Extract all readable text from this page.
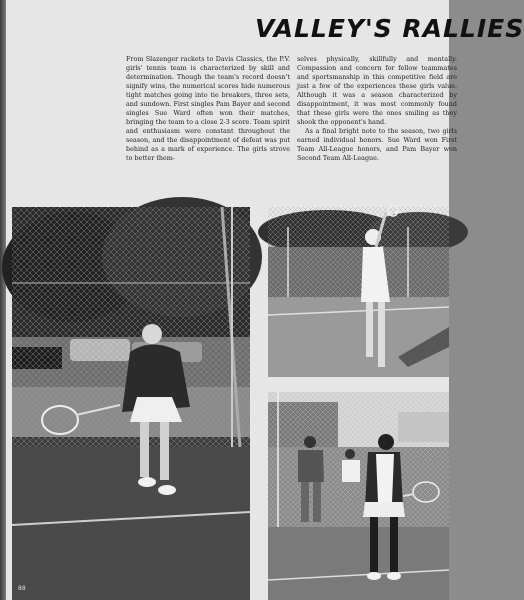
VALLEY'S RALLIES

From Slazenger rackets to Davis Classics, the P.V. girls' tennis team is characterized by skill and determination. Though the team's record doesn't signify wins, the numerical scores hide numerous tight matches going into tie breakers, three sets, and sundown. First singles Pam Bayer and second singles Sue Ward often won their matches, bringing the team to a close 2-3 score. Team spirit and enthusiasm were constant throughout the season, and the disappointment of defeat was put behind as a mark of experience. The girls strove to better them-

selves physically, skillfully and mentally. Compassion and concern for fellow teammates and sportsmanship in this competitive field are just a few of the experiences these girls value. Although it was a season characterized by disappointment, it was most commonly found that these girls were the ones smiling as they shook the opponent's hand.

As a final bright note to the season, two girls earned individual honors. Sue Ward won First Team All-League honors, and Pam Bayer won Second Team All-League.

88
